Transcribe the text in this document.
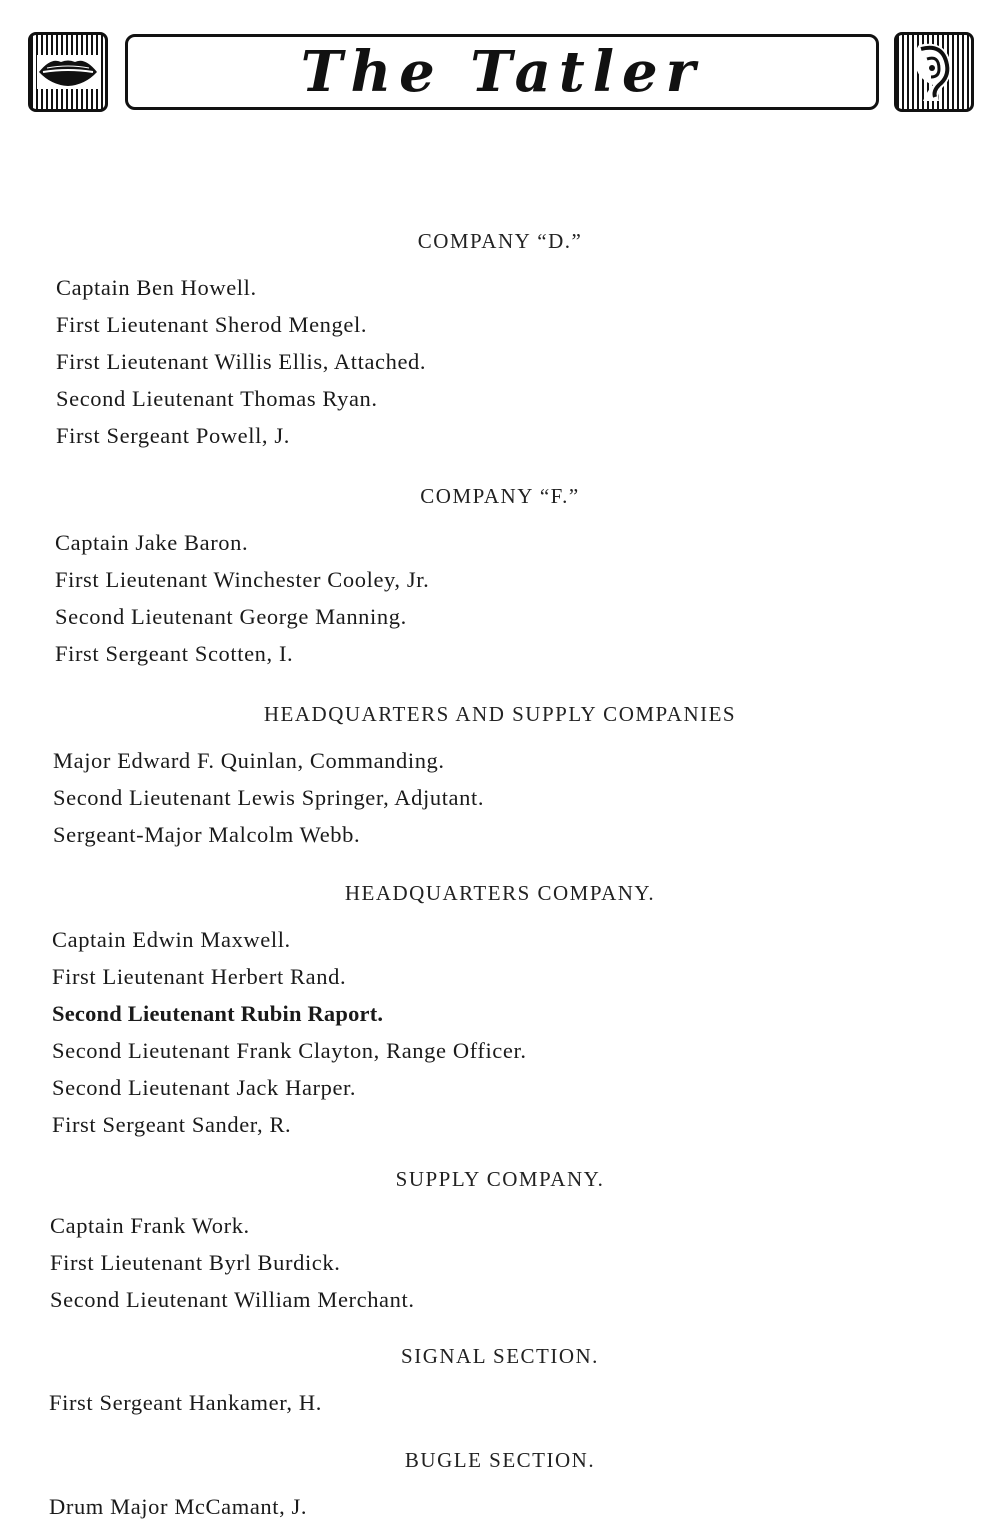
The Tatler
COMPANY “D.”
Captain Ben Howell.
First Lieutenant Sherod Mengel.
First Lieutenant Willis Ellis, Attached.
Second Lieutenant Thomas Ryan.
First Sergeant Powell, J.
COMPANY “F.”
Captain Jake Baron.
First Lieutenant Winchester Cooley, Jr.
Second Lieutenant George Manning.
First Sergeant Scotten, I.
HEADQUARTERS AND SUPPLY COMPANIES
Major Edward F. Quinlan, Commanding.
Second Lieutenant Lewis Springer, Adjutant.
Sergeant-Major Malcolm Webb.
HEADQUARTERS COMPANY.
Captain Edwin Maxwell.
First Lieutenant Herbert Rand.
Second Lieutenant Rubin Raport.
Second Lieutenant Frank Clayton, Range Officer.
Second Lieutenant Jack Harper.
First Sergeant Sander, R.
SUPPLY COMPANY.
Captain Frank Work.
First Lieutenant Byrl Burdick.
Second Lieutenant William Merchant.
SIGNAL SECTION.
First Sergeant Hankamer, H.
BUGLE SECTION.
Drum Major McCamant, J.
